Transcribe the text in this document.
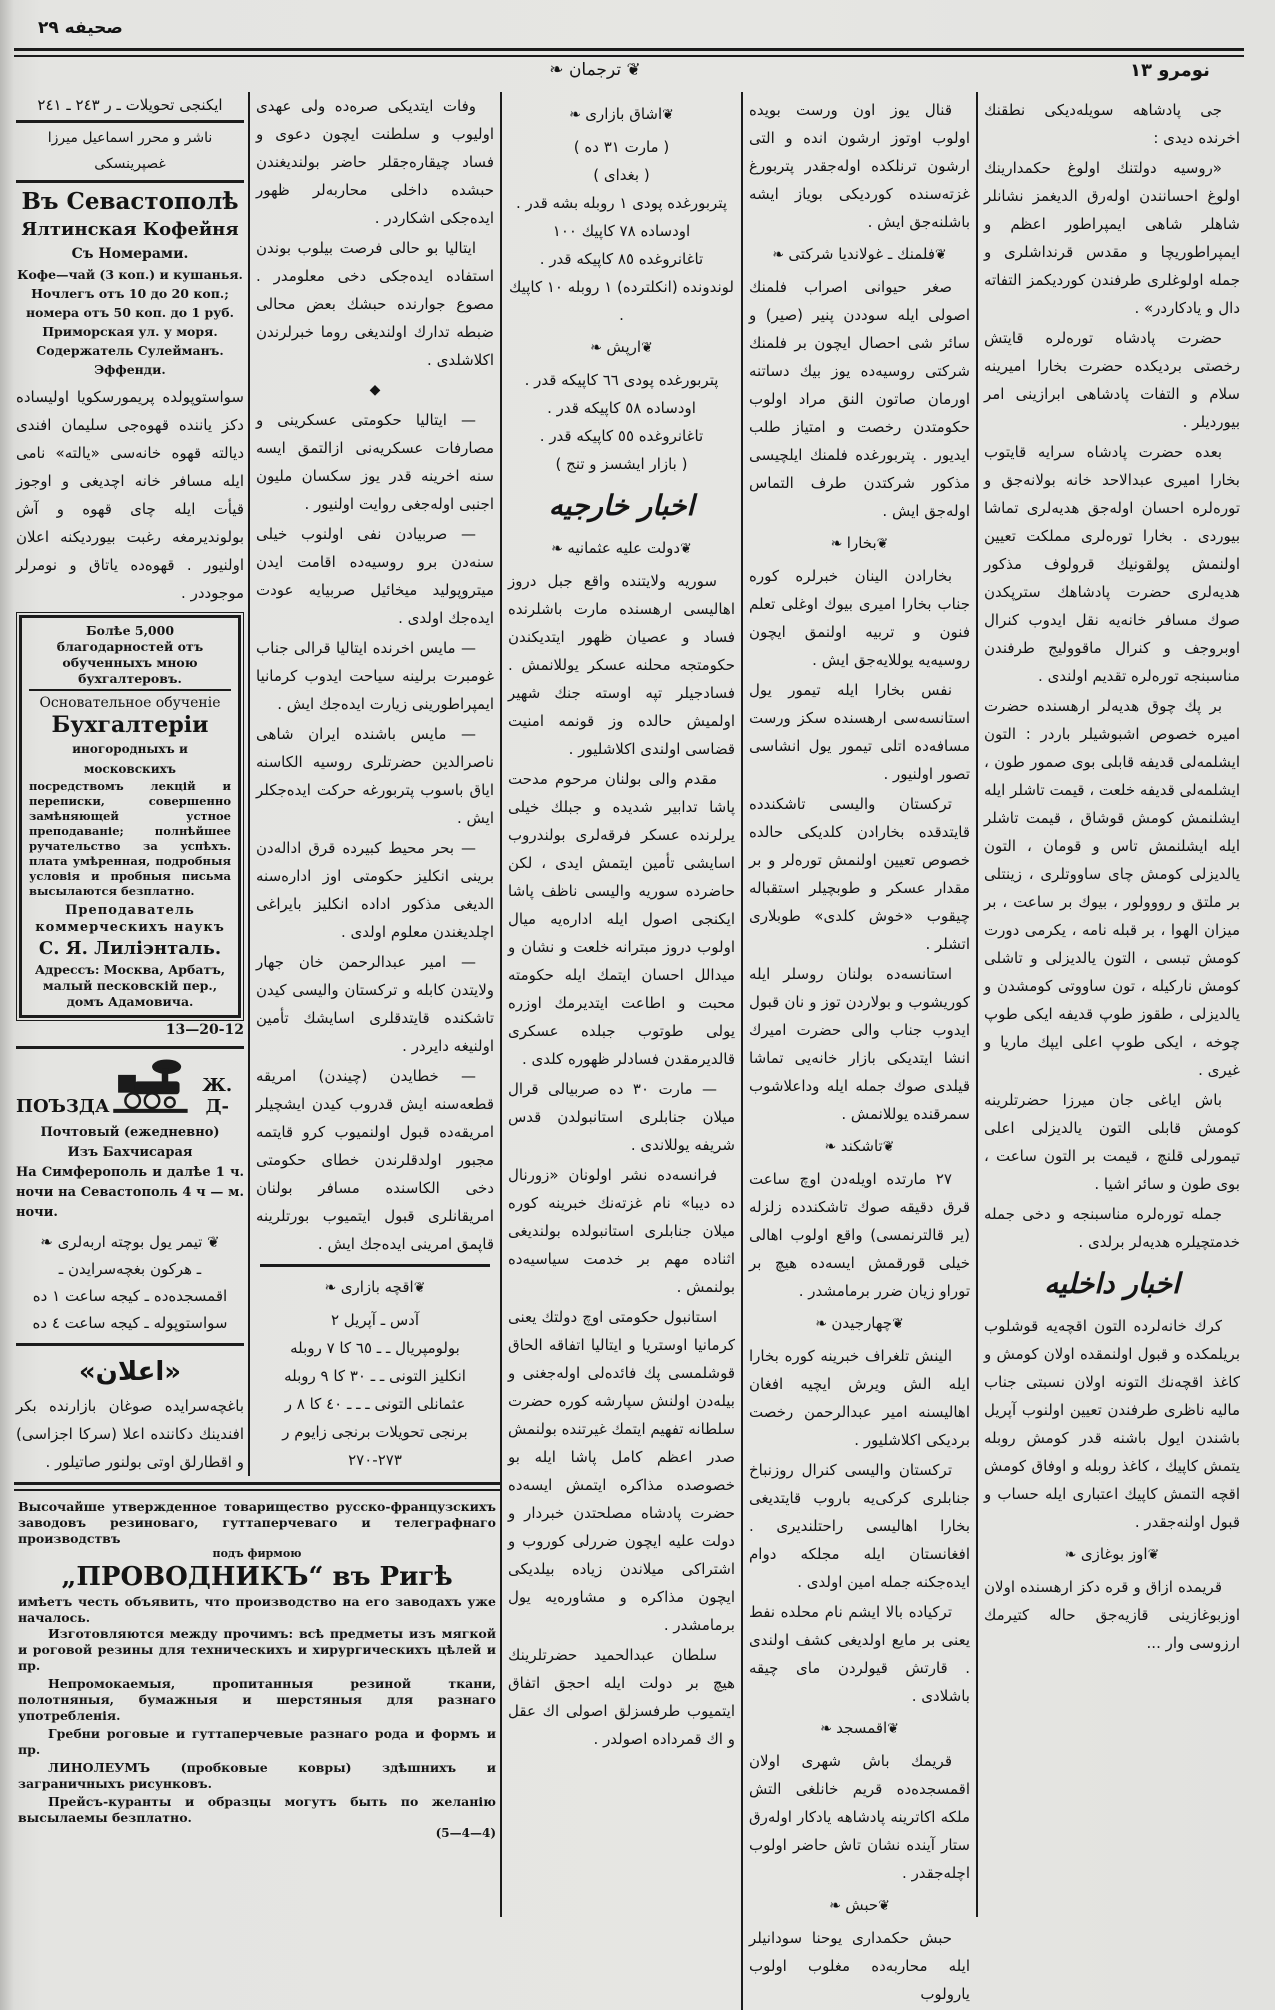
صحیفه ٢٩
❦ ترجمان ❧	نومرو ١٣
ایکنجی تحویلات ـ ر ٢٤٣ ـ ٢٤١
ناشر و محرر اسماعیل میرزا غصپرینسکی
Въ Севастополѣ
Ялтинская Кофейня
Съ Номерами.
Кофе—чай (3 коп.) и кушанья.
Ночлегъ отъ 10 до 20 коп.; номера отъ 50 коп. до 1 руб.
Приморская ул. у моря.
Содержатель Сулейманъ.
Эффенди.
سواستوپولده پریمورسکویا اولیساده دکز یاننده قهوه‌جی سلیمان افندی دیالته قهوه خانه‌سی «یالته» نامی ایله مسافر خانه اچدیغی و اوجوز قیأت ایله چای قهوه و آش بولوندیرمغه رغبت بیوردیکنه اعلان اولنیور . قهوه‌ده یاتاق و نومرلر موجوددر .
Болѣе 5,000 благодарностей отъ обученныхъ мною бухгалтеровъ.
Основательное обученіе
Бухгалтеріи
иногородныхъ и московскихъ
посредствомъ лекцій и переписки, совершенно замѣняющей устное преподаваніе; полнѣйшее ручательство за успѣхъ. плата умѣренная, подробныя условія и пробныя письма высылаются безплатно.
Преподаватель коммерческихъ наукъ
С. Я. Лиліэнталь.
Адрессъ: Москва, Арбатъ, малый песковскій пер., домъ Адамовича.
13—20-12
ПОЪЗДА
Ж. Д-
Почтовый (ежедневно)
Изъ Бахчисарая
На Симферополь и далѣе 1 ч. ночи на Севастополь 4 ч — м. ночи.
❦ تیمر یول بوچته اربه‌لری ❧
ـ هرکون بغچه‌سرایدن ـ
اقمسجده‌ده ـ کیجه ساعت ١ ده
سواستوپوله ـ کیجه ساعت ٤ ده
«اعلان»
باغچه‌سرایده صوغان بازارنده بکر افندینك دکاننده اعلا (سرکا اجزاسی) و اقطارلق اوتی بولنور صاتیلور .

وفات ایتدیکی صره‌ده ولی عهدی اولیوب و سلطنت ایچون دعوی و فساد چیقاره‌جقلر حاضر بولندیغندن حبشده داخلی محاربه‌لر ظهور ایده‌جکی اشکاردر .

ایتالیا بو حالی فرصت بیلوب بوندن استفاده ایده‌جکی دخی معلومدر . مصوع جوارنده حبشك بعض محالی ضبطه تدارك اولندیغی روما خبرلرندن اکلاشلدی .

◆

— ایتالیا حکومتی عسکرینی و مصارفات عسکریه‌نی ازالتمق ایسه سنه اخرینه قدر یوز سکسان ملیون اجنبی اوله‌جغی روایت اولنیور .

— صربیادن نفی اولنوب خیلی سنه‌دن برو روسیه‌ده اقامت ایدن میتروپولید میخائیل صربیایه عودت ایده‌جك اولدی .

— مایس اخرنده ایتالیا قرالی جناب غومبرت برلینه سیاحت ایدوب کرمانیا ایمپراطورینی زیارت ایده‌جك ایش .

— مایس باشنده ایران شاهی ناصرالدین حضرتلری روسیه الکاسنه ایاق باسوب پتربورغه حرکت ایده‌جکلر ایش .

— بحر محیط کبیرده قرق اداله‌دن برینی انکلیز حکومتی اوز اداره‌سنه الدیغی مذکور اداده انکلیز بایراغی اچلدیغندن معلوم اولدی .

— امیر عبدالرحمن خان جهار ولایتدن کابله و ترکستان والیسی کیدن تاشکنده قایتدقلری اسایشك تأمین اولنیغه دایردر .

— خطایدن (چیندن) امریقه قطعه‌سنه ایش قدروب کیدن ایشچیلر امریقه‌ده قبول اولنمیوب کرو قایتمه مجبور اولدقلرندن خطای حکومتی دخی الکاسنده مسافر بولنان امریقانلری قبول ایتمیوب بورتلرینه قاپمق امرینی ایده‌جك ایش .

❦ اقچه بازاری ❧
آدس ـ آپریل ٢
بولومپریال ـ ـ ٦٥ کا ٧ روبله
انکلیز التونی ـ ـ ٣٠ کا ٩ روبله
عثمانلی التونی ـ ـ ـ ٤٠ کا ٨ ر
برنجی تحویلات برنجی زایوم ر ٢٧٣-٢٧٠
Высочайше утвержденное товарищество русско-французскихъ заводовъ резиноваго, гуттаперчеваго и телеграфнаго производствъ
подъ фирмою
„ПРОВОДНИКЪ“ въ Ригѣ
имѣетъ честь объявить, что производство на его заводахъ уже началось.
Изготовляются между прочимъ: всѣ предметы изъ мягкой и роговой резины для техническихъ и хирургическихъ цѣлей и пр.
Непромокаемыя, пропитанныя резиной ткани, полотняныя, бумажныя и шерстяныя для разнаго употребленія.
Гребни роговые и гуттаперчевые разнаго рода и формъ и пр.
ЛИНОЛЕУМЪ (пробковые ковры) здѣшнихъ и заграничныхъ рисунковъ.
Прейсъ-куранты и образцы могутъ быть по желанію высылаемы безплатно.
(5—4—4)
❦ اشاق بازاری ❧
( مارت ٣١ ده )
( بغدای )
پتربورغده پودی ١ روبله بشه قدر .
اودساده ٧٨ کاپیك ١٠٠
تاغانروغده ٨٥ کاپیکه قدر .
لوندونده (انکلترده) ١ روبله ١٠ کاپیك .
❦ ارپش ❧
پتربورغده پودی ٦٦ کاپیکه قدر .
اودساده ٥٨ کاپیکه قدر .
تاغانروغده ٥٥ کاپیکه قدر .
( بازار ایشسز و تنج )
اخبار خارجیه
❦ دولت علیه عثمانیه ❧

سوریه ولایتنده واقع جبل دروز اهالیسی ارهسنده مارت باشلرنده فساد و عصیان ظهور ایتدیکندن حکومتجه محلنه عسکر یوللانمش . فسادجیلر تپه اوسته جنك شهیر اولمیش حالده وز قونمه امنیت قضاسی اولندی اکلاشلیور .

مقدم والی بولنان مرحوم مدحت پاشا تدابیر شدیده و جبلك خیلی یرلرنده عسکر فرقه‌لری بولندروب اسایشی تأمین ایتمش ایدی ، لکن حاضرده سوریه والیسی ناظف پاشا ایکنجی اصول ایله اداره‌یه میال اولوب دروز مبترانه خلعت و نشان و میدالل احسان ایتمك ایله حکومته محبت و اطاعت ایتدیرمك اوزره یولی طوتوب جبلده عسکری قالدیرمقدن فسادلر ظهوره کلدی .

— مارت ٣٠ ده صربیالی قرال میلان جنابلری استانبولدن قدس شریفه یوللاندی .

فرانسه‌ده نشر اولونان «زورنال ده دیبا» نام غزته‌نك خبرینه کوره میلان جنابلری استانبولده بولندیغی اثناده مهم بر خدمت سیاسیه‌ده بولنمش .

استانبول حکومتی اوچ دولتك یعنی کرمانیا اوستریا و ایتالیا اتفاقه الحاق قوشلمسی پك فائده‌لی اوله‌جغنی و بیله‌دن اولنش سپارشه کوره حضرت سلطانه تفهیم ایتمك غیرتنده بولنمش صدر اعظم کامل پاشا ایله بو خصوصده مذاکره ایتمش ایسه‌ده حضرت پادشاه مصلحتدن خبردار و دولت علیه ایچون ضررلی کوروب و اشتراکی میلاندن زیاده بیلدیکی ایچون مذاکره و مشاوره‌یه یول برمامشدر .

سلطان عبدالحمید حضرتلرینك هیچ بر دولت ایله احجق اتفاق ایتمیوب طرفسزلق اصولی اك عقل و اك قمرداده اصولدر .

قنال یوز اون ورست بویده اولوب اوتوز ارشون انده و التی ارشون ترنلکده اوله‌جقدر پتربورغ غزته‌سنده کوردیکی بویاز ایشه باشلنه‌جق ایش .

❦ فلمنك ـ غولاندیا شرکتی ❧

صغر حیوانی اصراب فلمنك اصولی ایله سوددن پنیر (صیر) و سائر شی احصال ایچون بر فلمنك شرکتی روسیه‌ده یوز بیك دساتنه اورمان صاتون النق مراد اولوب حکومتدن رخصت و امتیاز طلب ایدیور . پتربورغده فلمنك ایلچیسی مذکور شرکتدن طرف التماس اوله‌جق ایش .

❦ بخارا ❧

بخارادن الینان خبرلره کوره جناب بخارا امیری بیوك اوغلی تعلم فنون و تربیه اولنمق ایچون روسیه‌یه یوللایه‌جق ایش .

نفس بخارا ایله تیمور یول استانسه‌سی ارهسنده سکز ورست مسافه‌ده اتلی تیمور یول انشاسی تصور اولنیور .

ترکستان والیسی تاشکندده قایتدقده بخارادن کلدیکی حالده خصوص تعیین اولنمش توره‌لر و بر مقدار عسکر و طوبچیلر استقباله چیقوب «خوش کلدی» طوبلاری اتشلر .

استانسه‌ده بولنان روسلر ایله کوریشوب و بولاردن توز و نان قبول ایدوب جناب والی حضرت امیرك انشا ایتدیکی بازار خانه‌یی تماشا قیلدی صوك جمله ایله وداعلاشوب سمرقنده یوللانمش .

❦ تاشکند ❧

٢٧ مارتده اویله‌دن اوچ ساعت قرق دقیقه صوك تاشکندده زلزله (یر قالترنمسی) واقع اولوب اهالی خیلی قورقمش ایسه‌ده هیچ بر توراو زیان ضرر برمامشدر .

❦ چهارجیدن ❧

الینش تلغراف خبرینه کوره بخارا ایله الش ویرش ایچیه افغان اهالیسنه امیر عبدالرحمن رخصت بردیکی اکلاشلیور .

ترکستان والیسی کنرال روزنباخ جنابلری کرکی‌یه باروب قایتدیغی بخارا اهالیسی راحتلندیری . افغانستان ایله مجلکه دوام ایده‌جکنه جمله امین اولدی .

ترکیاده بالا ایشم نام محلده نفط یعنی بر مایع اولدیغی کشف اولندی . قارتش قیولردن مای چیقه باشلادی .

❦ اقمسجد ❧

قریمك باش شهری اولان اقمسجده‌ده قریم خانلغی التش ملکه اکاترینه پادشاهه یادکار اوله‌رق ستار آینده نشان تاش حاضر اولوب اچله‌جقدر .

❦ حبش ❧

حبش حکمداری یوحنا سودانیلر ایله محاربه‌ده مغلوب اولوب یارولوب

جی پادشاهه سویله‌دیکی نطقنك اخرنده دیدی :

«روسیه دولتنك اولوغ حکمدارینك اولوغ احسانندن اوله‌رق الدیغمز نشانلر شاهلر شاهی ایمپراطور اعظم و ایمپراطوریچا و مقدس قرنداشلری و جمله اولوغلری طرفندن کوردیکمز التفاته دال و یادکاردر» .

حضرت پادشاه توره‌لره قایتش رخصتی بردیکده حضرت بخارا امیرینه سلام و التفات پادشاهی ابرازینی امر بیوردیلر .

بعده حضرت پادشاه سرایه قایتوب بخارا امیری عبدالاحد خانه بولانه‌جق و توره‌لره احسان اوله‌جق هدیه‌لری تماشا بیوردی . بخارا توره‌لری مملکت تعیین اولنمش پولقونیك قرولوف مذکور هدیه‌لری حضرت پادشاهك سترپکدن صوك مسافر خانه‌یه نقل ایدوب کنرال اوبروجف و کنرال ماقوولیج طرفندن مناسبنجه توره‌لره تقدیم اولندی .

بر پك چوق هدیه‌لر ارهسنده حضرت امیره خصوص اشبوشیلر باردر : التون ایشلمه‌لی قدیفه قابلی بوی صمور طون ، ایشلمه‌لی قدیفه خلعت ، قیمت تاشلر ایله ایشلنمش کومش قوشاق ، قیمت تاشلر ایله ایشلنمش تاس و قومان ، التون یالدیزلی کومش چای ساووتلری ، زینتلی بر ملتق و رووولور ، بیوك بر ساعت ، بر میزان الهوا ، بر قبله نامه ، یکرمی دورت کومش تبسی ، التون یالدیزلی و تاشلی کومش نارکیله ، تون ساووتی کومشدن و یالدیزلی ، طقوز طوپ قدیفه ایکی طوپ چوخه ، ایکی طوپ اعلی ایپك ماریا و غیری .

باش ایاغی جان میرزا حضرتلرینه کومش قابلی التون یالدیزلی اعلی تیمورلی قلنچ ، قیمت بر التون ساعت ، بوی طون و سائر اشیا .

جمله توره‌لره مناسبنجه و دخی جمله خدمتچیلره هدیه‌لر برلدی .

اخبار داخلیه

کرك خانه‌لرده التون اقچه‌یه قوشلوب بریلمکده و قبول اولنمقده اولان کومش و کاغذ اقچه‌نك التونه اولان نسبتی جناب مالیه ناظری طرفندن تعیین اولنوب آپریل باشندن ایول باشنه قدر کومش روبله یتمش کاپیك ، کاغذ روبله و اوفاق کومش اقچه التمش کاپیك اعتباری ایله حساب و قبول اولنه‌جقدر .

❦ اوز بوغازی ❧

قریمده ازاق و قره دکز ارهسنده اولان اوزبوغازینی قازیه‌جق حاله کتیرمك ارزوسی وار ...
